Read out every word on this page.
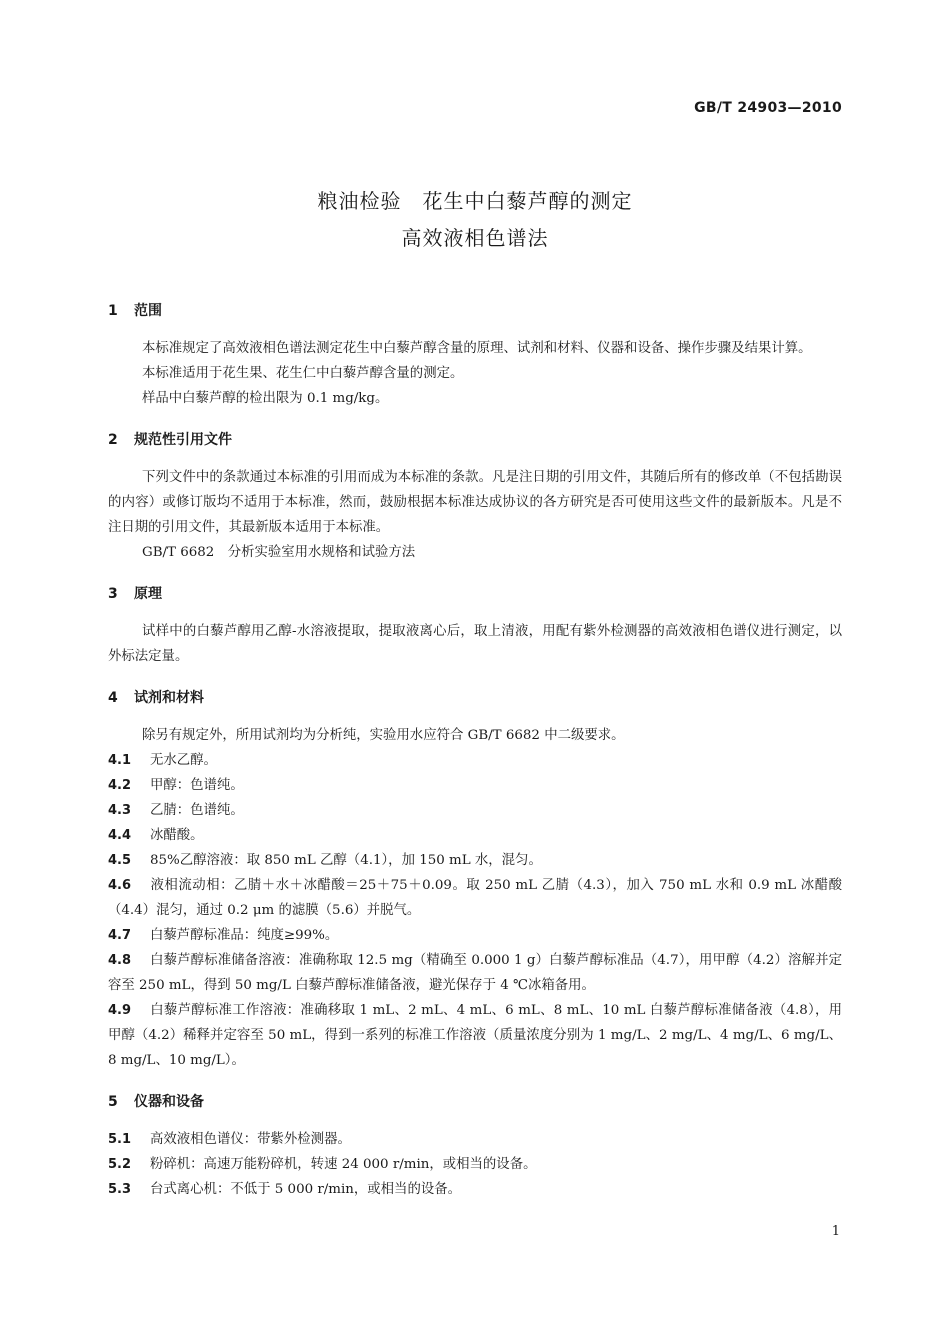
GB/T 24903—2010
粮油检验　花生中白藜芦醇的测定
高效液相色谱法
1 范围

本标准规定了高效液相色谱法测定花生中白藜芦醇含量的原理、试剂和材料、仪器和设备、操作步骤及结果计算。

本标准适用于花生果、花生仁中白藜芦醇含量的测定。

样品中白藜芦醇的检出限为 0.1 mg/kg。

2 规范性引用文件

下列文件中的条款通过本标准的引用而成为本标准的条款。凡是注日期的引用文件，其随后所有的修改单（不包括勘误的内容）或修订版均不适用于本标准，然而，鼓励根据本标准达成协议的各方研究是否可使用这些文件的最新版本。凡是不注日期的引用文件，其最新版本适用于本标准。

GB/T 6682　分析实验室用水规格和试验方法

3 原理

试样中的白藜芦醇用乙醇-水溶液提取，提取液离心后，取上清液，用配有紫外检测器的高效液相色谱仪进行测定，以外标法定量。

4 试剂和材料

除另有规定外，所用试剂均为分析纯，实验用水应符合 GB/T 6682 中二级要求。

4.1 无水乙醇。

4.2 甲醇：色谱纯。

4.3 乙腈：色谱纯。

4.4 冰醋酸。

4.5 85%乙醇溶液：取 850 mL 乙醇（4.1），加 150 mL 水，混匀。

4.6 液相流动相：乙腈＋水＋冰醋酸＝25＋75＋0.09。取 250 mL 乙腈（4.3），加入 750 mL 水和 0.9 mL 冰醋酸（4.4）混匀，通过 0.2 μm 的滤膜（5.6）并脱气。

4.7 白藜芦醇标准品：纯度≥99%。

4.8 白藜芦醇标准储备溶液：准确称取 12.5 mg（精确至 0.000 1 g）白藜芦醇标准品（4.7），用甲醇（4.2）溶解并定容至 250 mL，得到 50 mg/L 白藜芦醇标准储备液，避光保存于 4 ℃冰箱备用。

4.9 白藜芦醇标准工作溶液：准确移取 1 mL、2 mL、4 mL、6 mL、8 mL、10 mL 白藜芦醇标准储备液（4.8），用甲醇（4.2）稀释并定容至 50 mL，得到一系列的标准工作溶液（质量浓度分别为 1 mg/L、2 mg/L、4 mg/L、6 mg/L、8 mg/L、10 mg/L）。

5 仪器和设备

5.1 高效液相色谱仪：带紫外检测器。

5.2 粉碎机：高速万能粉碎机，转速 24 000 r/min，或相当的设备。

5.3 台式离心机：不低于 5 000 r/min，或相当的设备。

1
